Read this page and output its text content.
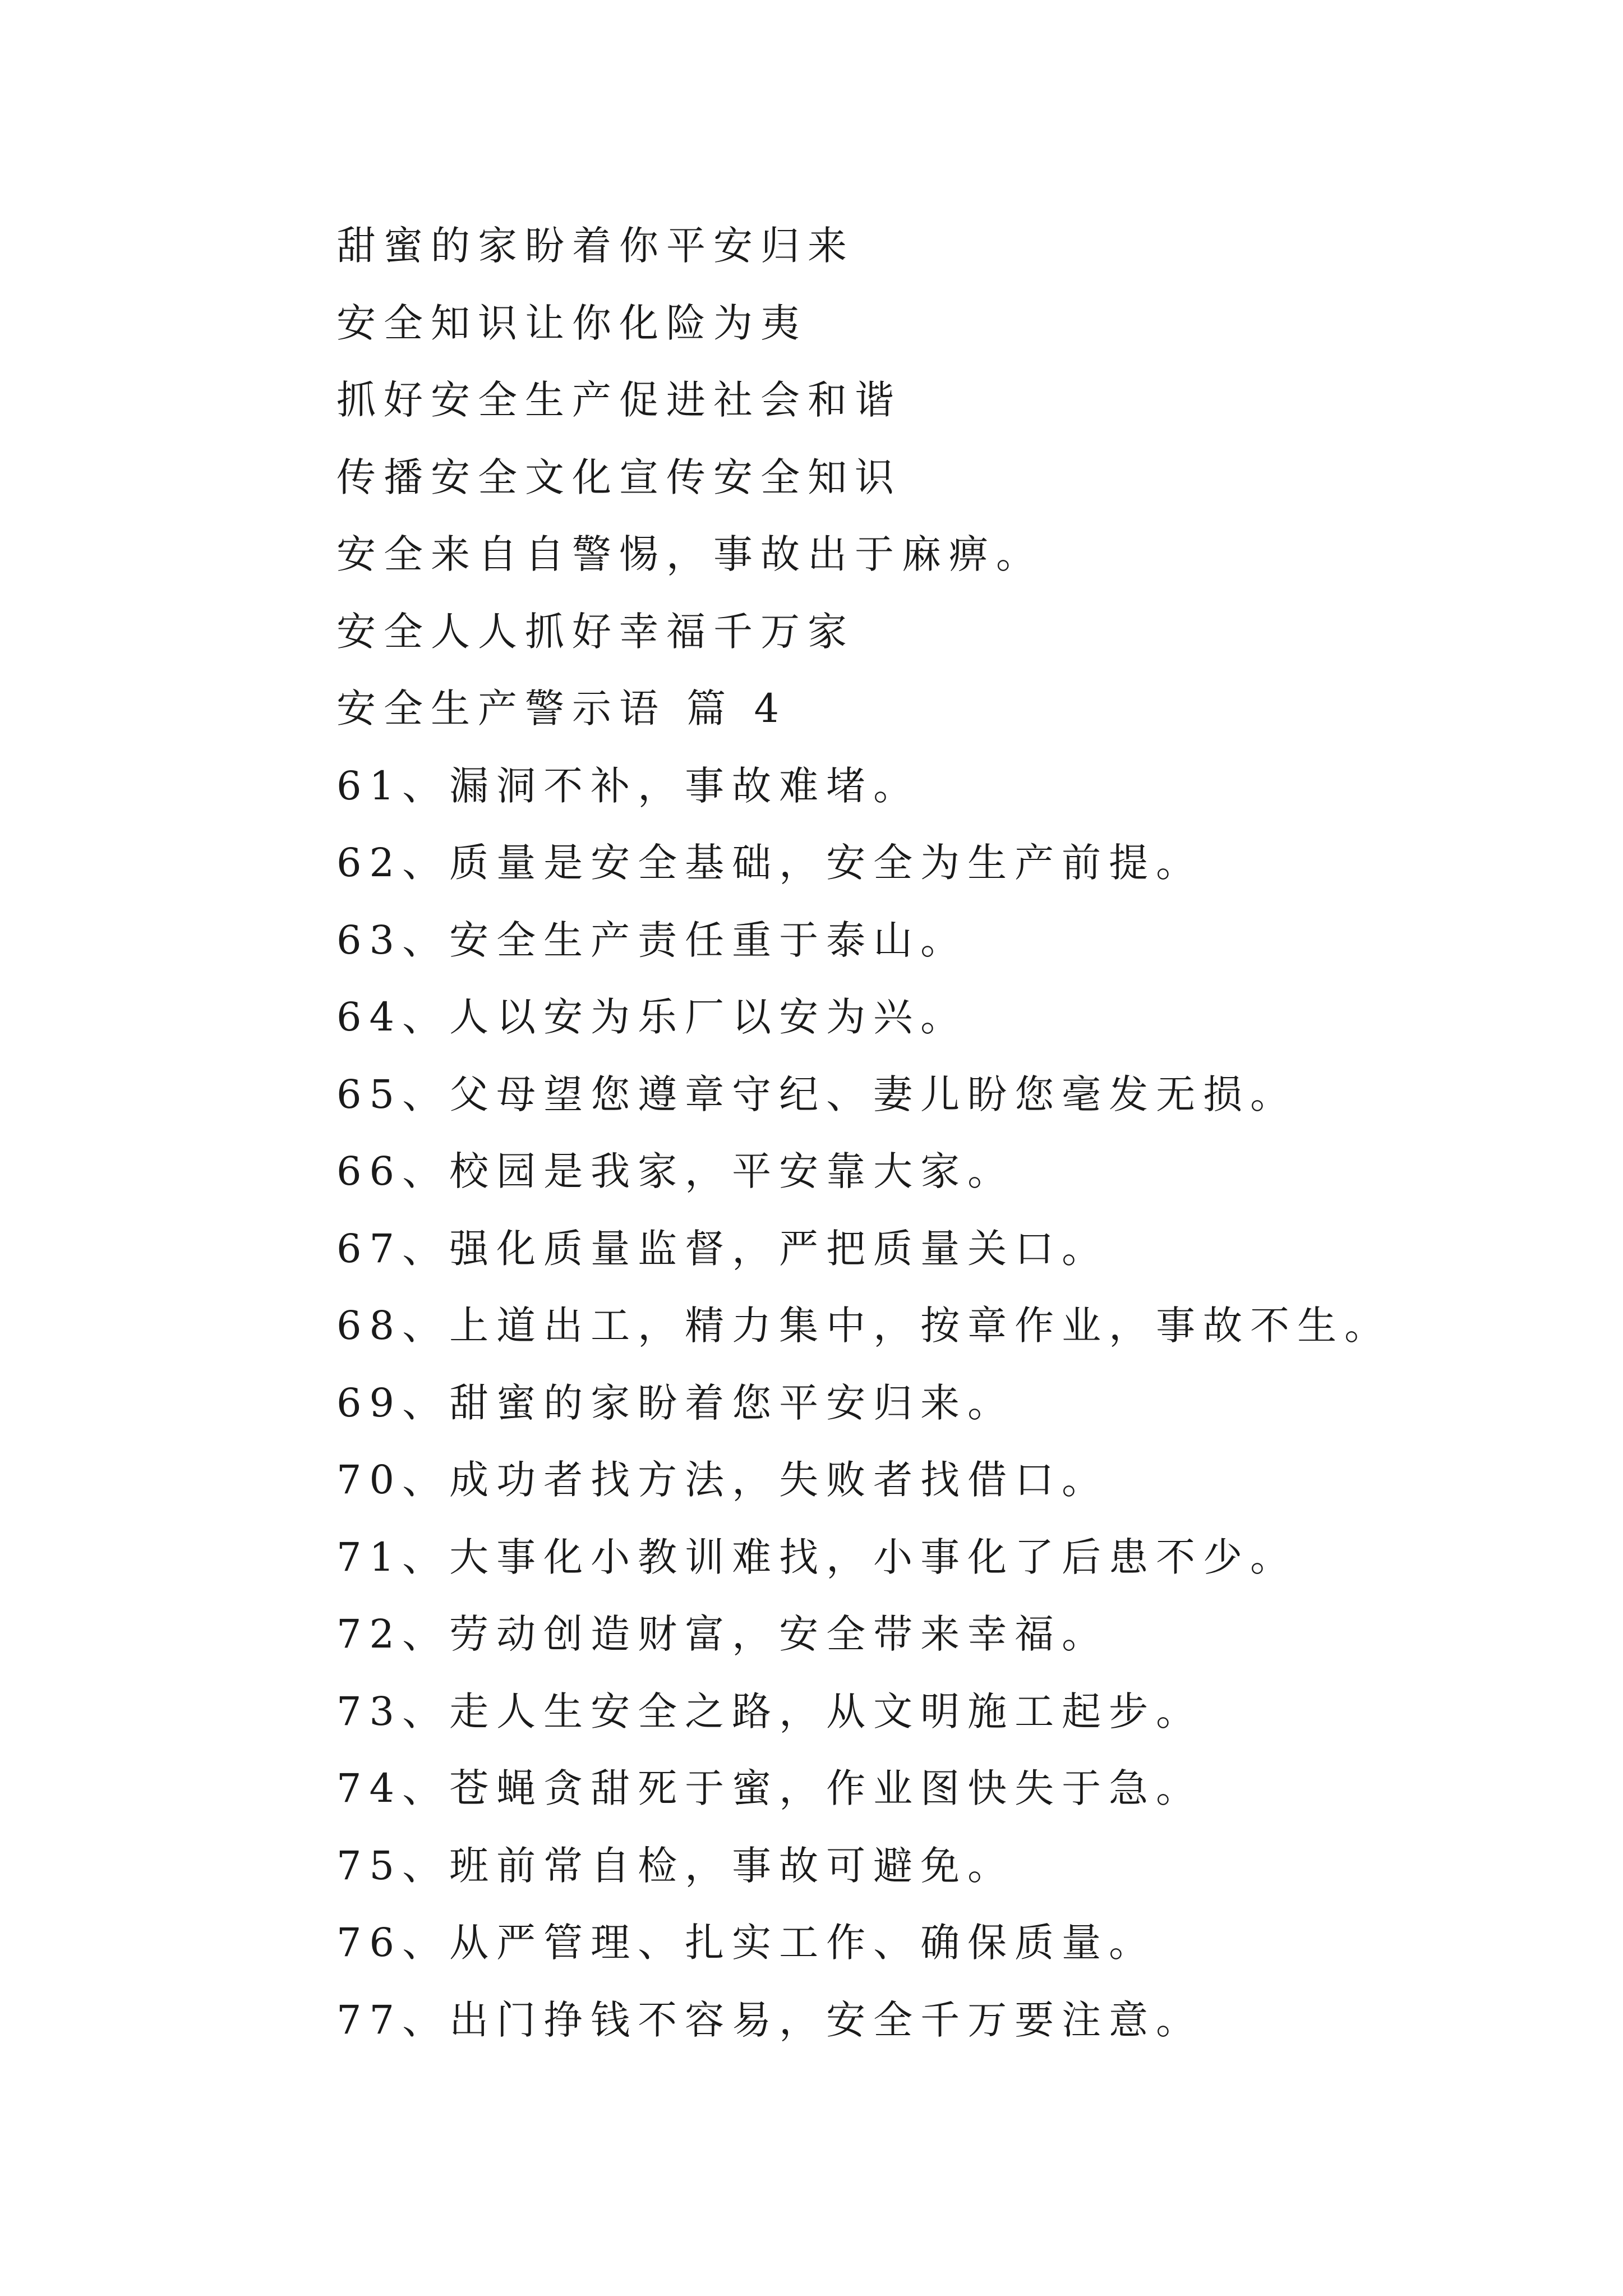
甜蜜的家盼着你平安归来
安全知识让你化险为夷
抓好安全生产促进社会和谐
传播安全文化宣传安全知识
安全来自自警惕，事故出于麻痹。
安全人人抓好幸福千万家
安全生产警示语 篇 4
61、漏洞不补，事故难堵。
62、质量是安全基础，安全为生产前提。
63、安全生产责任重于泰山。
64、人以安为乐厂以安为兴。
65、父母望您遵章守纪、妻儿盼您毫发无损。
66、校园是我家，平安靠大家。
67、强化质量监督，严把质量关口。
68、上道出工，精力集中，按章作业，事故不生。
69、甜蜜的家盼着您平安归来。
70、成功者找方法，失败者找借口。
71、大事化小教训难找，小事化了后患不少。
72、劳动创造财富，安全带来幸福。
73、走人生安全之路，从文明施工起步。
74、苍蝇贪甜死于蜜，作业图快失于急。
75、班前常自检，事故可避免。
76、从严管理、扎实工作、确保质量。
77、出门挣钱不容易，安全千万要注意。
